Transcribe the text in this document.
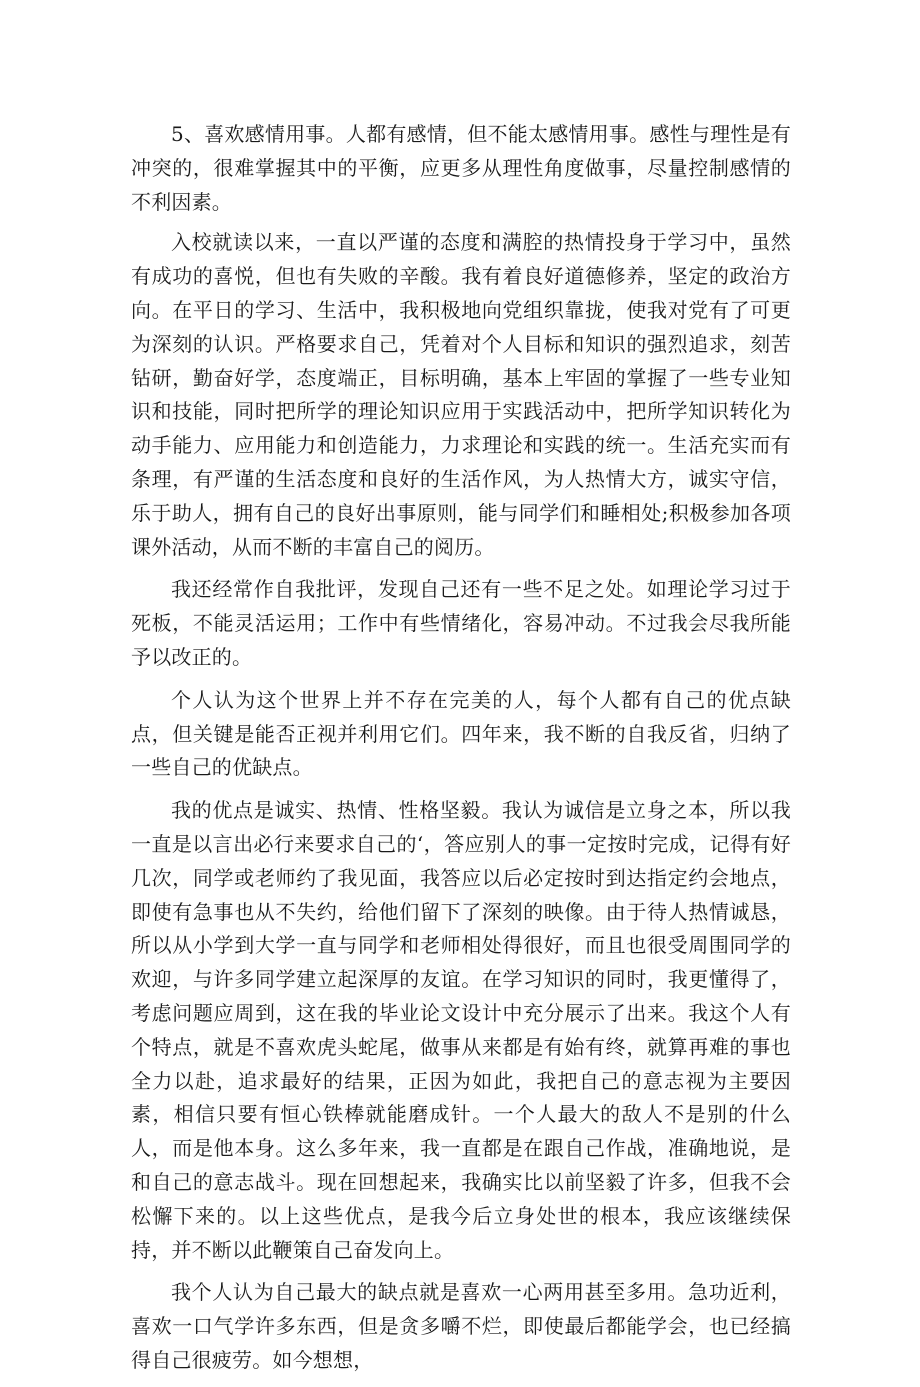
5、喜欢感情用事。人都有感情，但不能太感情用事。感性与理性是有冲突的，很难掌握其中的平衡，应更多从理性角度做事，尽量控制感情的不利因素。

入校就读以来，一直以严谨的态度和满腔的热情投身于学习中，虽然有成功的喜悦，但也有失败的辛酸。我有着良好道德修养，坚定的政治方向。在平日的学习、生活中，我积极地向党组织靠拢，使我对党有了可更为深刻的认识。严格要求自己，凭着对个人目标和知识的强烈追求，刻苦钻研，勤奋好学，态度端正，目标明确，基本上牢固的掌握了一些专业知识和技能，同时把所学的理论知识应用于实践活动中，把所学知识转化为动手能力、应用能力和创造能力，力求理论和实践的统一。生活充实而有条理，有严谨的生活态度和良好的生活作风，为人热情大方，诚实守信，乐于助人，拥有自己的良好出事原则，能与同学们和睡相处;积极参加各项课外活动，从而不断的丰富自己的阅历。

我还经常作自我批评，发现自己还有一些不足之处。如理论学习过于死板，不能灵活运用；工作中有些情绪化，容易冲动。不过我会尽我所能予以改正的。

个人认为这个世界上并不存在完美的人，每个人都有自己的优点缺点，但关键是能否正视并利用它们。四年来，我不断的自我反省，归纳了一些自己的优缺点。

我的优点是诚实、热情、性格坚毅。我认为诚信是立身之本，所以我一直是以言出必行来要求自己的‘，答应别人的事一定按时完成，记得有好几次，同学或老师约了我见面，我答应以后必定按时到达指定约会地点，即使有急事也从不失约，给他们留下了深刻的映像。由于待人热情诚恳，所以从小学到大学一直与同学和老师相处得很好，而且也很受周围同学的欢迎，与许多同学建立起深厚的友谊。在学习知识的同时，我更懂得了，考虑问题应周到，这在我的毕业论文设计中充分展示了出来。我这个人有个特点，就是不喜欢虎头蛇尾，做事从来都是有始有终，就算再难的事也全力以赴，追求最好的结果，正因为如此，我把自己的意志视为主要因素，相信只要有恒心铁棒就能磨成针。一个人最大的敌人不是别的什么人，而是他本身。这么多年来，我一直都是在跟自己作战，准确地说，是和自己的意志战斗。现在回想起来，我确实比以前坚毅了许多，但我不会松懈下来的。以上这些优点，是我今后立身处世的根本，我应该继续保持，并不断以此鞭策自己奋发向上。

我个人认为自己最大的缺点就是喜欢一心两用甚至多用。急功近利，喜欢一口气学许多东西，但是贪多嚼不烂，即使最后都能学会，也已经搞得自己很疲劳。如今想想，
